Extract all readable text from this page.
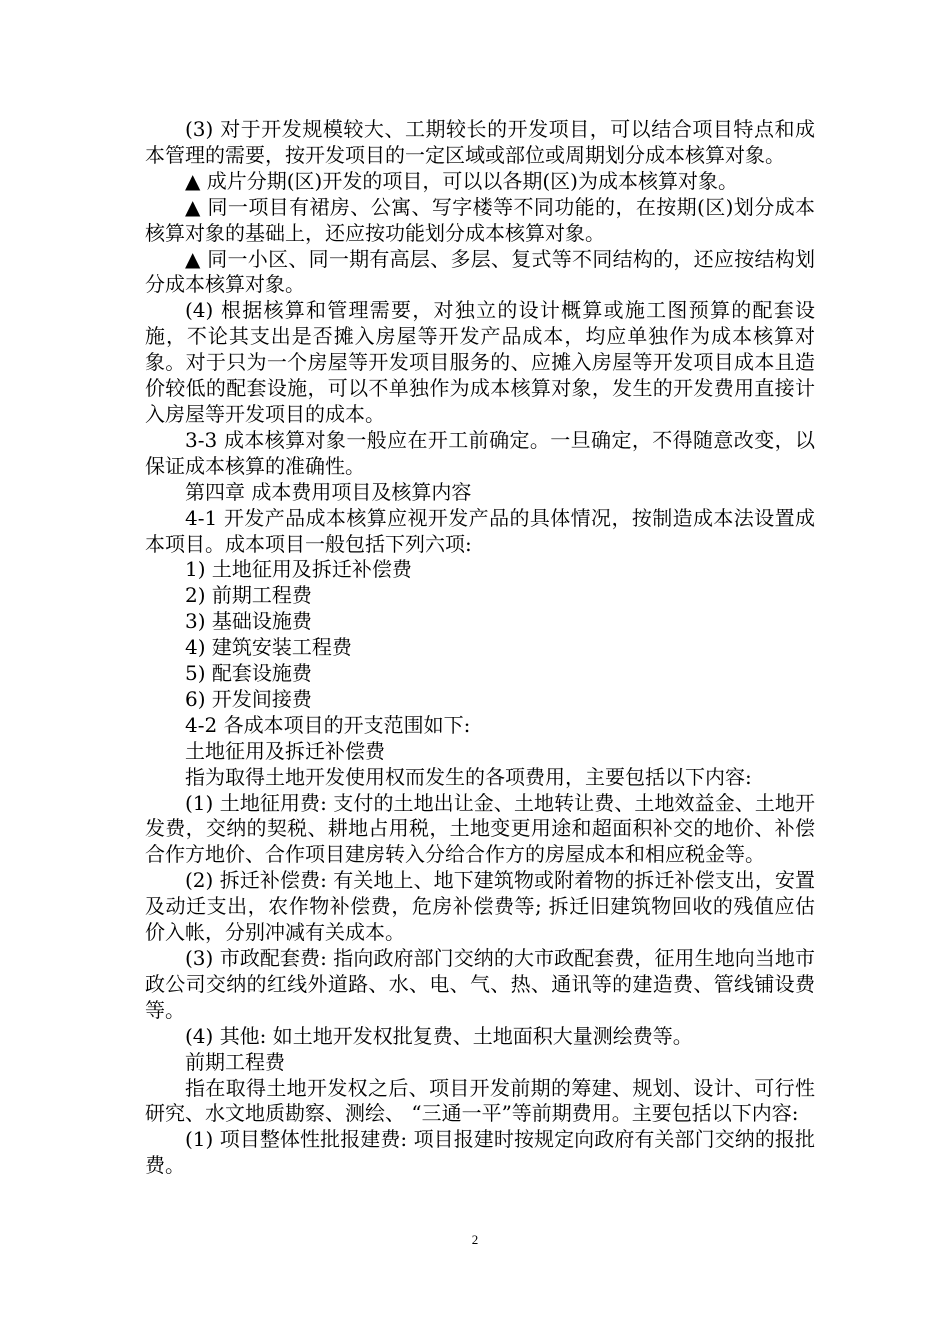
(3) 对于开发规模较大、工期较长的开发项目，可以结合项目特点和成本管理的需要，按开发项目的一定区域或部位或周期划分成本核算对象。

▲ 成片分期(区)开发的项目，可以以各期(区)为成本核算对象。

▲ 同一项目有裙房、公寓、写字楼等不同功能的，在按期(区)划分成本核算对象的基础上，还应按功能划分成本核算对象。

▲ 同一小区、同一期有高层、多层、复式等不同结构的，还应按结构划分成本核算对象。

(4) 根据核算和管理需要，对独立的设计概算或施工图预算的配套设施，不论其支出是否摊入房屋等开发产品成本，均应单独作为成本核算对象。对于只为一个房屋等开发项目服务的、应摊入房屋等开发项目成本且造价较低的配套设施，可以不单独作为成本核算对象，发生的开发费用直接计入房屋等开发项目的成本。

3-3 成本核算对象一般应在开工前确定。一旦确定，不得随意改变，以保证成本核算的准确性。

第四章 成本费用项目及核算内容

4-1 开发产品成本核算应视开发产品的具体情况，按制造成本法设置成本项目。成本项目一般包括下列六项:

1) 土地征用及拆迁补偿费

2) 前期工程费

3) 基础设施费

4) 建筑安装工程费

5) 配套设施费

6) 开发间接费

4-2 各成本项目的开支范围如下:

土地征用及拆迁补偿费

指为取得土地开发使用权而发生的各项费用，主要包括以下内容:

(1) 土地征用费: 支付的土地出让金、土地转让费、土地效益金、土地开发费，交纳的契税、耕地占用税，土地变更用途和超面积补交的地价、补偿合作方地价、合作项目建房转入分给合作方的房屋成本和相应税金等。

(2) 拆迁补偿费: 有关地上、地下建筑物或附着物的拆迁补偿支出，安置及动迁支出，农作物补偿费，危房补偿费等; 拆迁旧建筑物回收的残值应估价入帐，分别冲减有关成本。

(3) 市政配套费: 指向政府部门交纳的大市政配套费，征用生地向当地市政公司交纳的红线外道路、水、电、气、热、通讯等的建造费、管线铺设费等。

(4) 其他: 如土地开发权批复费、土地面积大量测绘费等。

前期工程费

指在取得土地开发权之后、项目开发前期的筹建、规划、设计、可行性研究、水文地质勘察、测绘、 “三通一平”等前期费用。主要包括以下内容:

(1) 项目整体性批报建费: 项目报建时按规定向政府有关部门交纳的报批费。

2
